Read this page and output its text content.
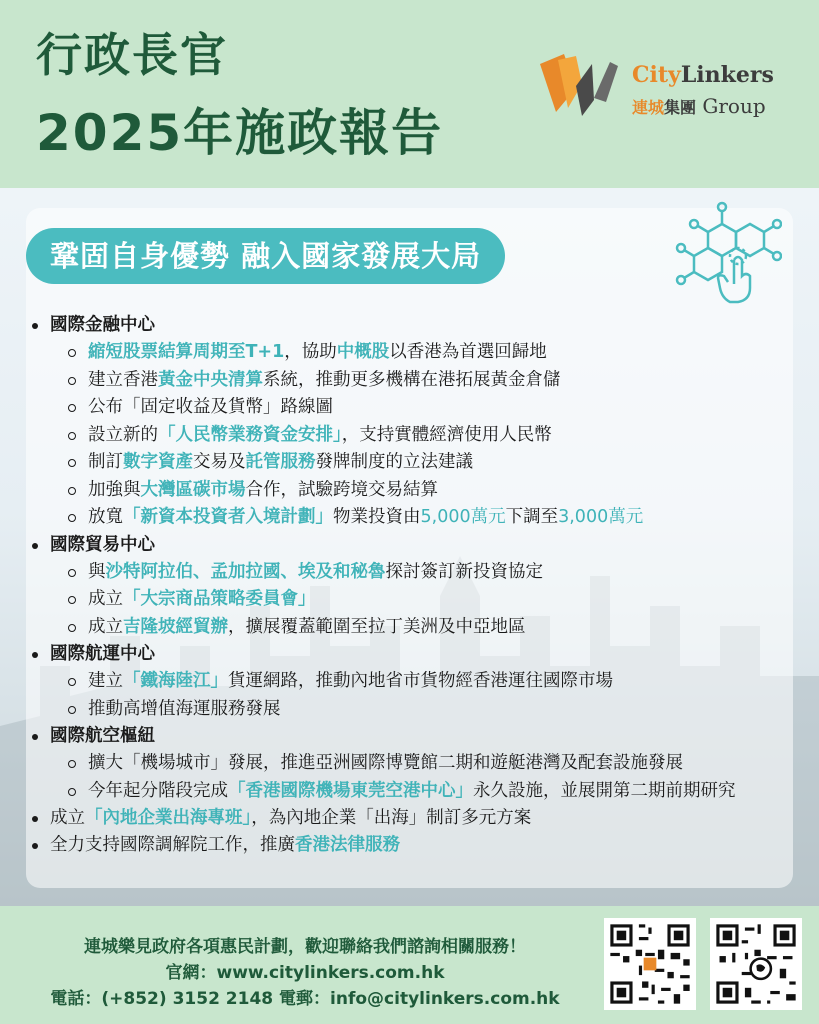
行政長官
2025年施政報告
CityLinkers
連城集團 Group
鞏固自身優勢 融入國家發展大局
國際金融中心
縮短股票結算周期至T+1，協助中概股以香港為首選回歸地
建立香港黃金中央清算系統，推動更多機構在港拓展黃金倉儲
公布「固定收益及貨幣」路線圖
設立新的「人民幣業務資金安排」，支持實體經濟使用人民幣
制訂數字資產交易及託管服務發牌制度的立法建議
加強與大灣區碳市場合作，試驗跨境交易結算
放寬「新資本投資者入境計劃」物業投資由5,000萬元下調至3,000萬元
國際貿易中心
與沙特阿拉伯、孟加拉國、埃及和秘魯探討簽訂新投資協定
成立「大宗商品策略委員會」
成立吉隆坡經貿辦，擴展覆蓋範圍至拉丁美洲及中亞地區
國際航運中心
建立「鐵海陸江」貨運網路，推動內地省市貨物經香港運往國際市場
推動高增值海運服務發展
國際航空樞紐
擴大「機場城市」發展，推進亞洲國際博覽館二期和遊艇港灣及配套設施發展
今年起分階段完成「香港國際機場東莞空港中心」永久設施，並展開第二期前期研究
成立「內地企業出海專班」，為內地企業「出海」制訂多元方案
全力支持國際調解院工作，推廣香港法律服務
連城樂見政府各項惠民計劃，歡迎聯絡我們諮詢相關服務！
官網：www.citylinkers.com.hk
電話：(+852) 3152 2148 電郵：info@citylinkers.com.hk
